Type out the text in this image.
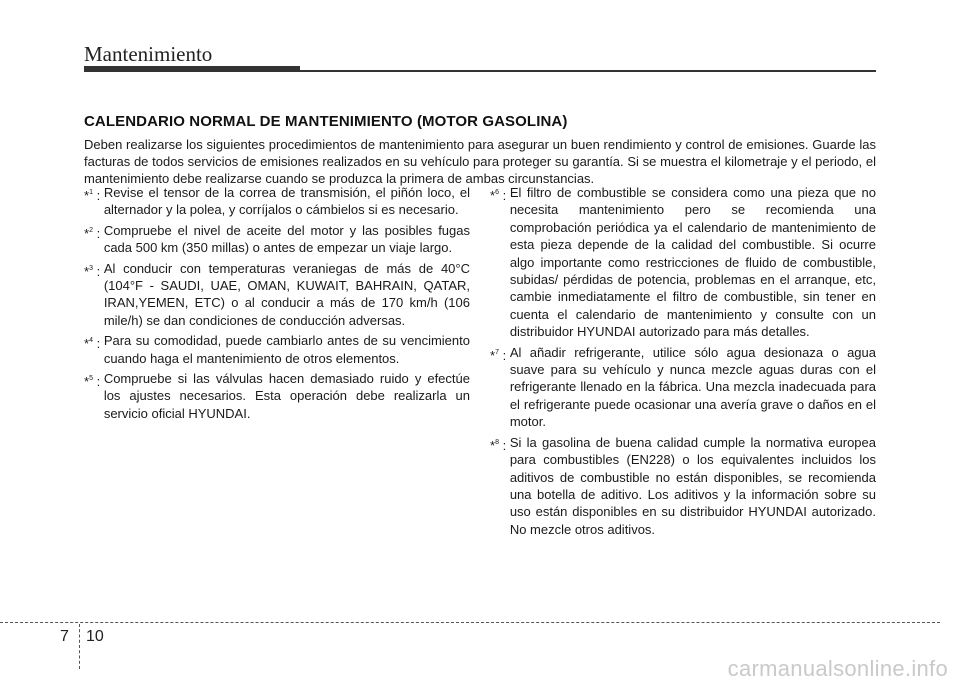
Mantenimiento
CALENDARIO NORMAL DE MANTENIMIENTO (MOTOR GASOLINA)

Deben realizarse los siguientes procedimientos de mantenimiento para asegurar un buen rendimiento y control de emisiones. Guarde las facturas de todos servicios de emisiones realizados en su vehículo para proteger su garantía. Si se muestra el kilometraje y el periodo, el mantenimiento debe realizarse cuando se produzca la primera de ambas circunstancias.

*$^1$ : Revise el tensor de la correa de transmisión, el piñón loco, el alternador y la polea, y corríjalos o cámbielos si es necesario.
*$^2$ : Compruebe el nivel de aceite del motor y las posibles fugas cada 500 km (350 millas) o antes de empezar un viaje largo.
*$^3$ : Al conducir con temperaturas veraniegas de más de 40°C (104°F - SAUDI, UAE, OMAN, KUWAIT, BAHRAIN, QATAR, IRAN,YEMEN, ETC) o al conducir a más de 170 km/h (106 mile/h) se dan condiciones de conducción adversas.
*$^4$ : Para su comodidad, puede cambiarlo antes de su vencimiento cuando haga el mantenimiento de otros elementos.
*$^5$ : Compruebe si las válvulas hacen demasiado ruido y efectúe los ajustes necesarios. Esta operación debe realizarla un servicio oficial HYUNDAI.
*$^6$ : El filtro de combustible se considera como una pieza que no necesita mantenimiento pero se recomienda una comprobación periódica ya el calendario de mantenimiento de esta pieza depende de la calidad del combustible. Si ocurre algo importante como restricciones de fluido de combustible, subidas/ pérdidas de potencia, problemas en el arranque, etc, cambie inmediatamente el filtro de combustible, sin tener en cuenta el calendario de mantenimiento y consulte con un distribuidor HYUNDAI autorizado para más detalles.
*$^7$ : Al añadir refrigerante, utilice sólo agua desionaza o agua suave para su vehículo y nunca mezcle aguas duras con el refrigerante llenado en la fábrica. Una mezcla inadecuada para el refrigerante puede ocasionar una avería grave o daños en el motor.
*$^8$ : Si la gasolina de buena calidad cumple la normativa europea para combustibles (EN228) o los equivalentes incluidos los aditivos de combustible no están disponibles, se recomienda una botella de aditivo. Los aditivos y la información sobre su uso están disponibles en su distribuidor HYUNDAI autorizado. No mezcle otros aditivos.
7 10
carmanualsonline.info
